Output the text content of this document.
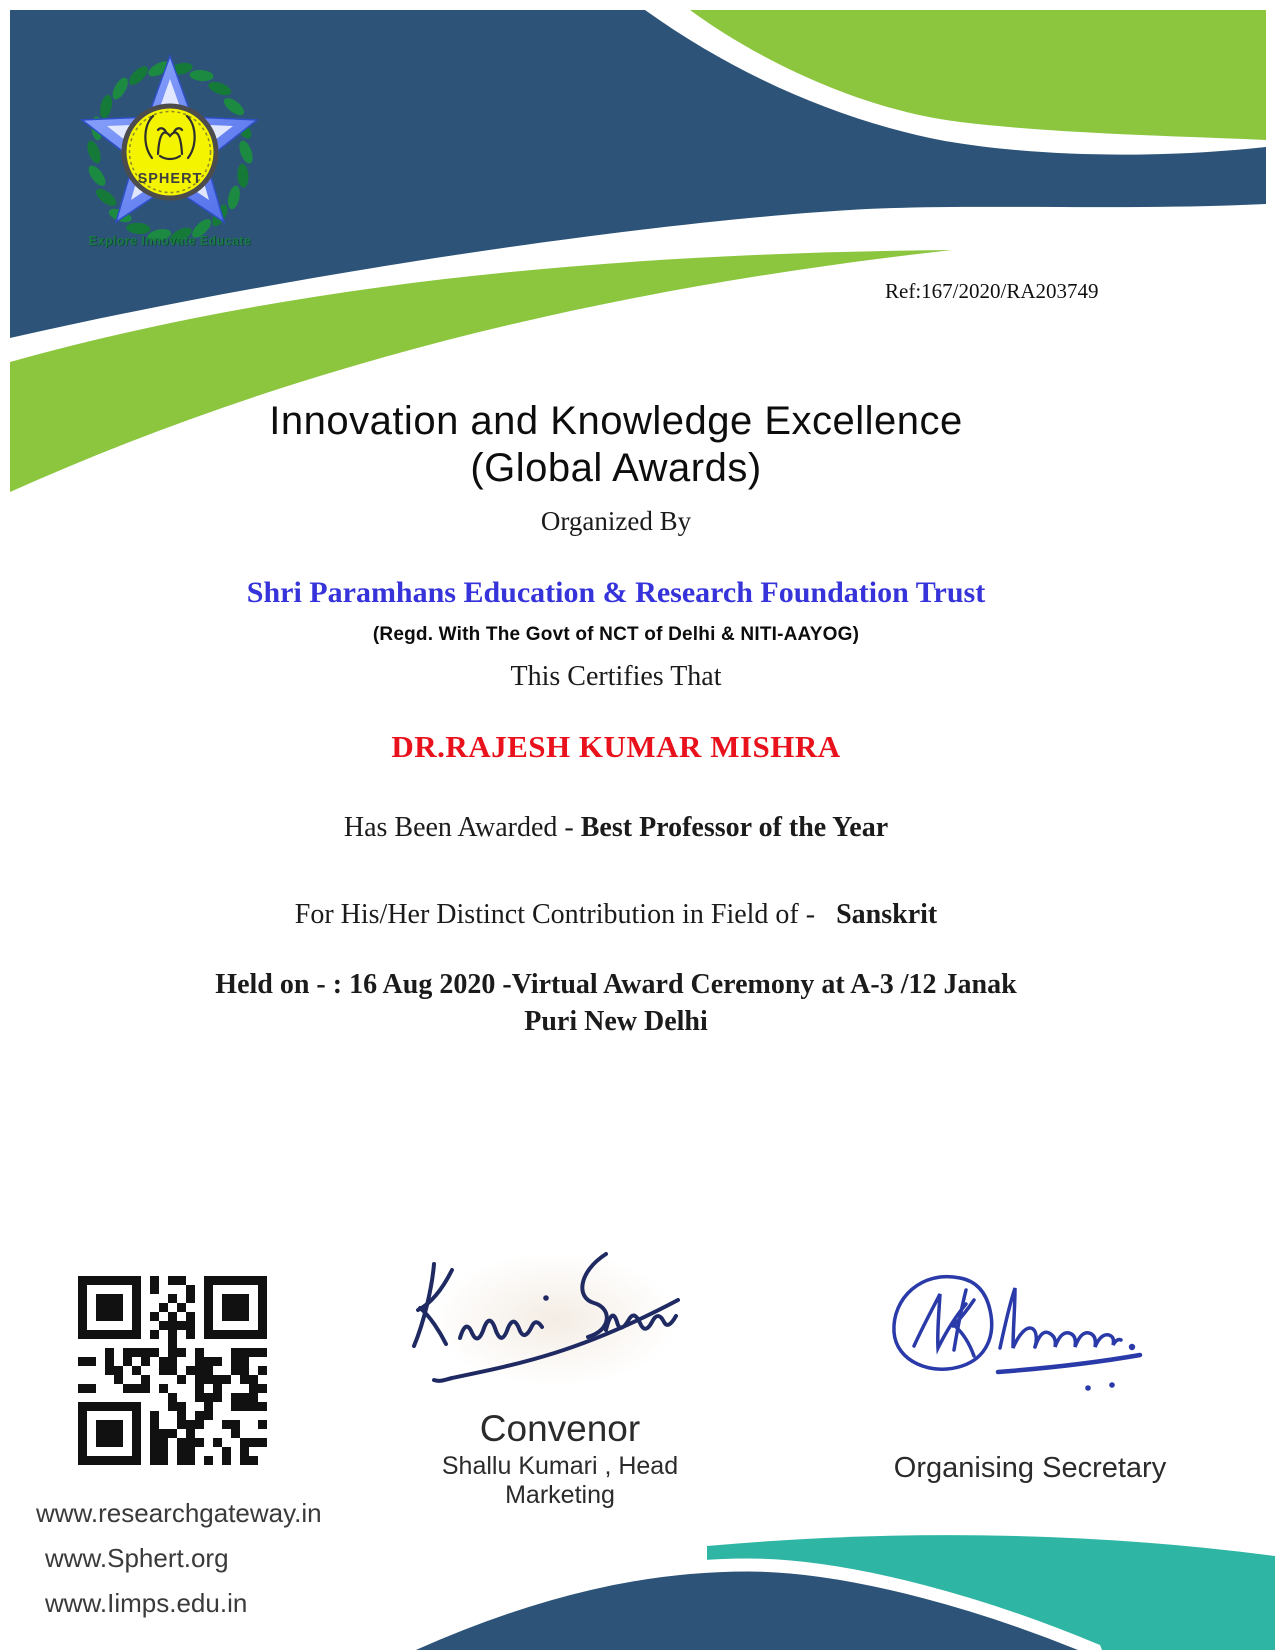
SPHERT
Explore Innovate Educate
Ref:167/2020/RA203749
Innovation and Knowledge Excellence
(Global Awards)
Organized By
Shri Paramhans Education & Research Foundation Trust
(Regd. With The Govt of NCT of Delhi & NITI-AAYOG)
This Certifies That
DR.RAJESH KUMAR MISHRA
Has Been Awarded - Best Professor of the Year
For His/Her Distinct Contribution in Field of - Sanskrit
Held on - : 16 Aug 2020 -Virtual Award Ceremony at A-3 /12 Janak
Puri New Delhi
Convenor
Shallu Kumari , Head Marketing
Organising Secretary
www.researchgateway.in
www.Sphert.org
www.Iimps.edu.in
